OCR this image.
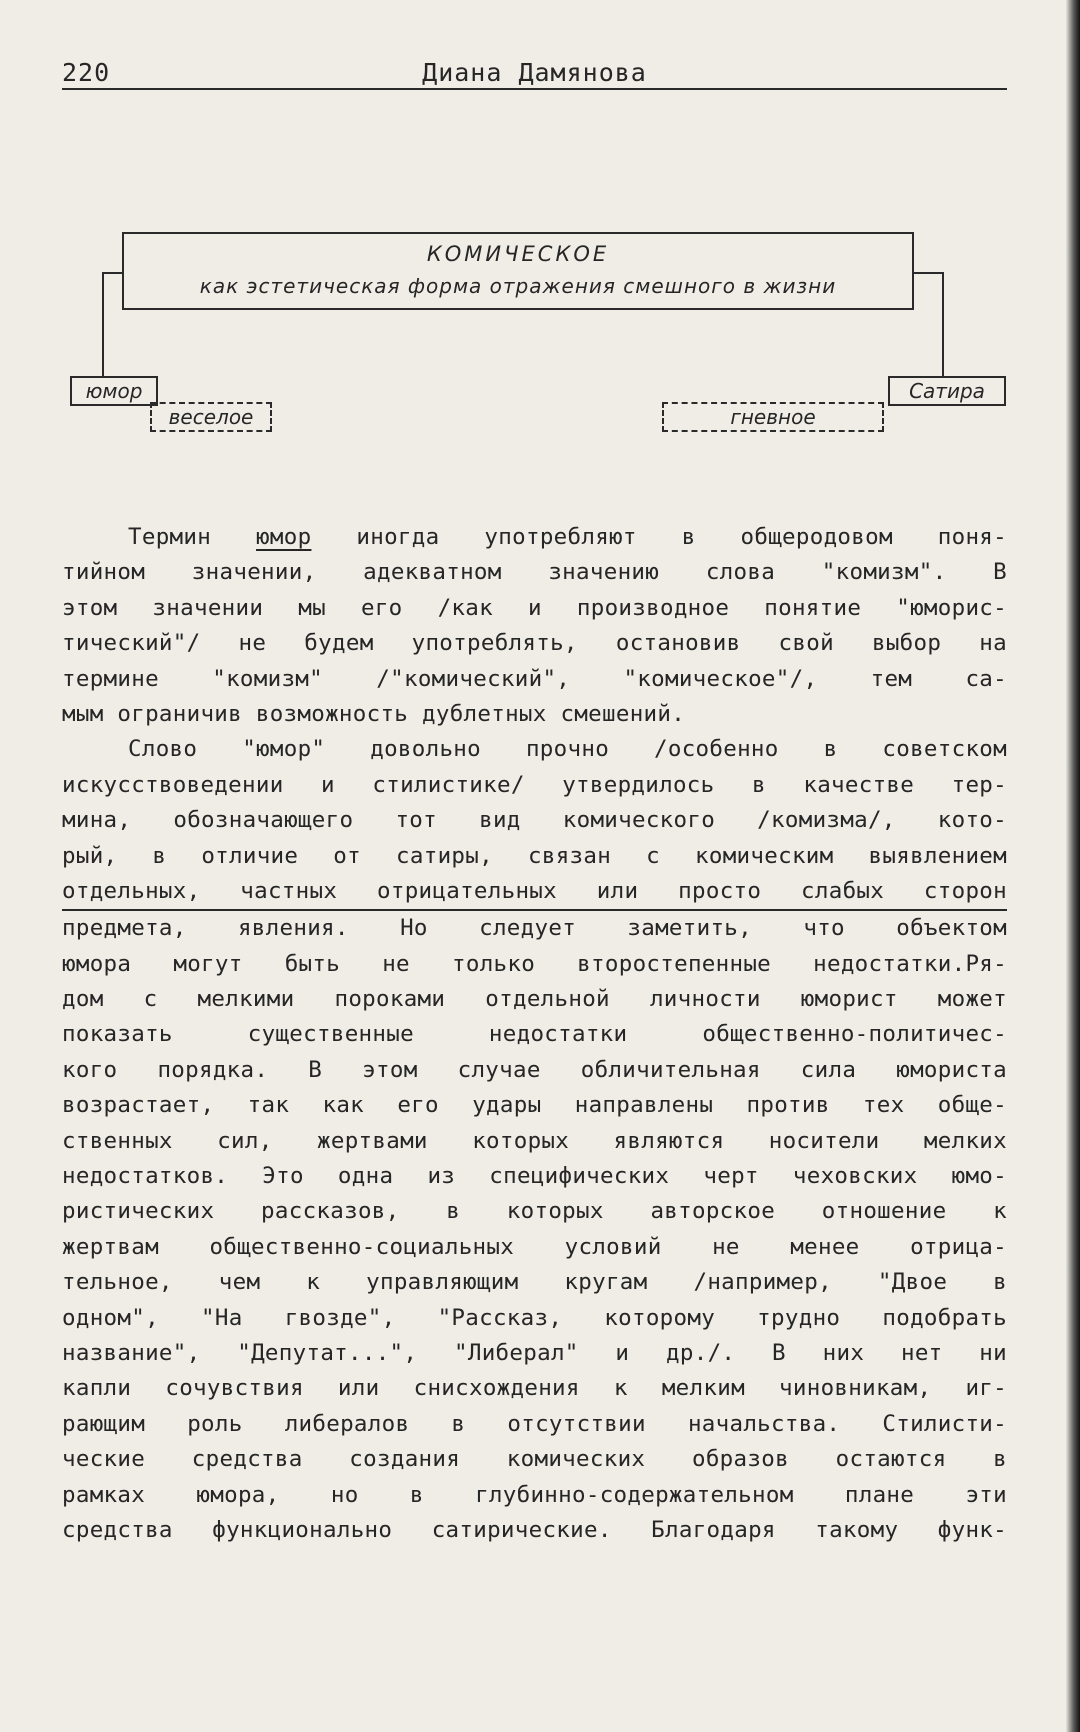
220	Диана Дамянова
КОМИЧЕСКОЕ
как эстетическая форма отражения смешного в жизни
юмор	Сатира
веселое	гневное

Термин юмор иногда употребляют в общеродовом поня-
тийном значении, адекватном значению слова "комизм". В
этом значении мы его /как и производное понятие "юморис-
тический"/ не будем употреблять, остановив свой выбор на
термине "комизм" /"комический", "комическое"/, тем са-
мым ограничив возможность дублетных смешений.

Слово "юмор" довольно прочно /особенно в советском
искусствоведении и стилистике/ утвердилось в качестве тер-
мина, обозначающего тот вид комического /комизма/, кото-
рый, в отличие от сатиры, связан с комическим выявлением
отдельных, частных отрицательных или просто слабых сторон
предмета, явления. Но следует заметить, что объектом
юмора могут быть не только второстепенные недостатки.Ря-
дом с мелкими пороками отдельной личности юморист может
показать существенные недостатки общественно-политичес-
кого порядка. В этом случае обличительная сила юмориста
возрастает, так как его удары направлены против тех обще-
ственных сил, жертвами которых являются носители мелких
недостатков. Это одна из специфических черт чеховских юмо-
ристических рассказов, в которых авторское отношение к
жертвам общественно-социальных условий не менее отрица-
тельное, чем к управляющим кругам /например, "Двое в
одном", "На гвозде", "Рассказ, которому трудно подобрать
название", "Депутат...", "Либерал" и др./. В них нет ни
капли сочувствия или снисхождения к мелким чиновникам, иг-
рающим роль либералов в отсутствии начальства. Стилисти-
ческие средства создания комических образов остаются в
рамках юмора, но в глубинно-содержательном плане эти
средства функционально сатирические. Благодаря такому функ-
